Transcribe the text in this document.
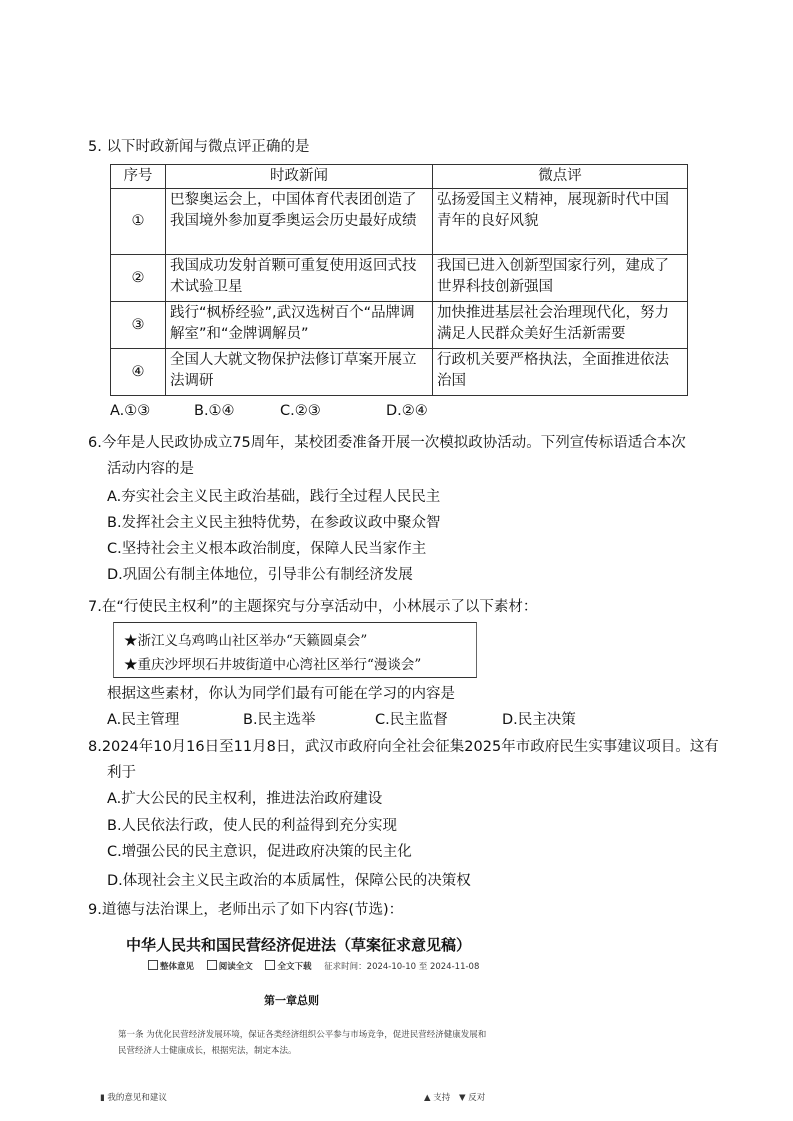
5. 以下时政新闻与微点评正确的是
序号	时政新闻	微点评
①	巴黎奥运会上，中国体育代表团创造了我国境外参加夏季奥运会历史最好成绩	弘扬爱国主义精神，展现新时代中国青年的良好风貌
②	我国成功发射首颗可重复使用返回式技 术试验卫星	我国已进入创新型国家行列，建成了世界科技创新强国
③	践行“枫桥经验”,武汉选树百个“品牌调解室”和“金牌调解员”	加快推进基层社会治理现代化，努力满足人民群众美好生活新需要
④	全国人大就文物保护法修订草案开展立法调研	行政机关要严格执法，全面推进依法治国
A.①③	B.①④	C.②③	D.②④
6.今年是人民政协成立75周年，某校团委准备开展一次模拟政协活动。下列宣传标语适合本次
活动内容的是
A.夯实社会主义民主政治基础，践行全过程人民民主
B.发挥社会主义民主独特优势，在参政议政中聚众智
C.坚持社会主义根本政治制度，保障人民当家作主
D.巩固公有制主体地位，引导非公有制经济发展
7.在“行使民主权利”的主题探究与分享活动中，小林展示了以下素材：
★浙江义乌鸡鸣山社区举办“天籁圆桌会”
★重庆沙坪坝石井坡街道中心湾社区举行“漫谈会”
根据这些素材，你认为同学们最有可能在学习的内容是
A.民主管理	B.民主选举	C.民主监督	D.民主决策
8.2024年10月16日至11月8日，武汉市政府向全社会征集2025年市政府民生实事建议项目。这有
利于
A.扩大公民的民主权利，推进法治政府建设
B.人民依法行政，使人民的利益得到充分实现
C.增强公民的民主意识，促进政府决策的民主化
D.体现社会主义民主政治的本质属性，保障公民的决策权
9.道德与法治课上，老师出示了如下内容(节选)：
中华人民共和国民营经济促进法（草案征求意见稿）
整体意见	阅读全文	全文下载 征求时间：2024-10-10 至 2024-11-08
第一章总则
第一条 为优化民营经济发展环境，保证各类经济组织公平参与市场竞争，促进民营经济健康发展和民营经济人士健康成长，根据宪法，制定本法。
▮ 我的意见和建议	▲ 支持 ▼ 反对
